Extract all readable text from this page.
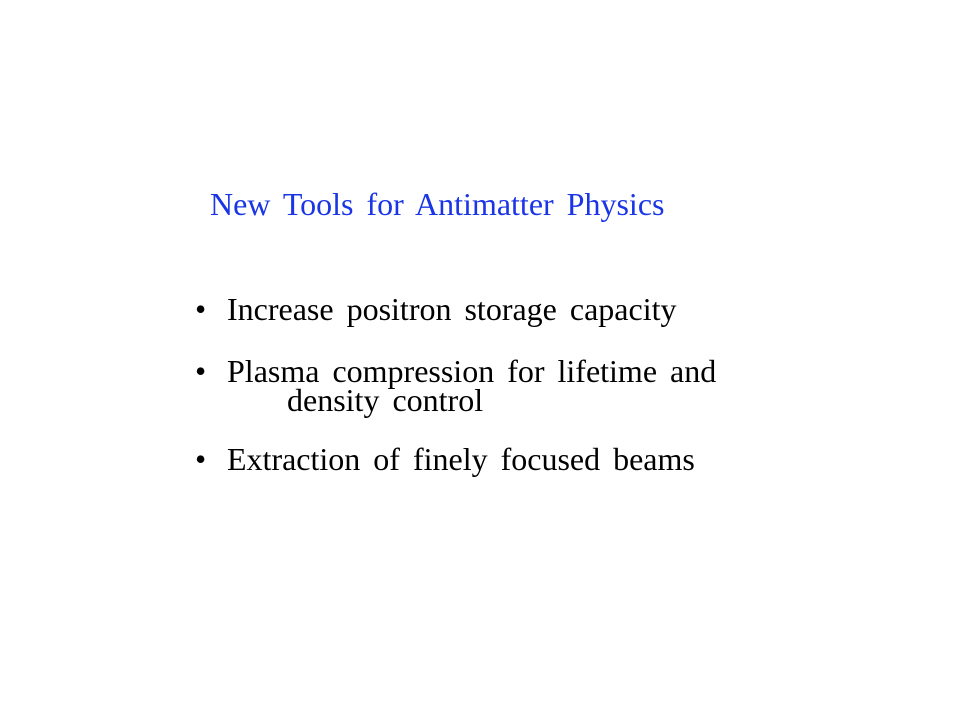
New Tools for Antimatter Physics
• Increase positron storage capacity
• Plasma compression for lifetime and
density control
• Extraction of finely focused beams
